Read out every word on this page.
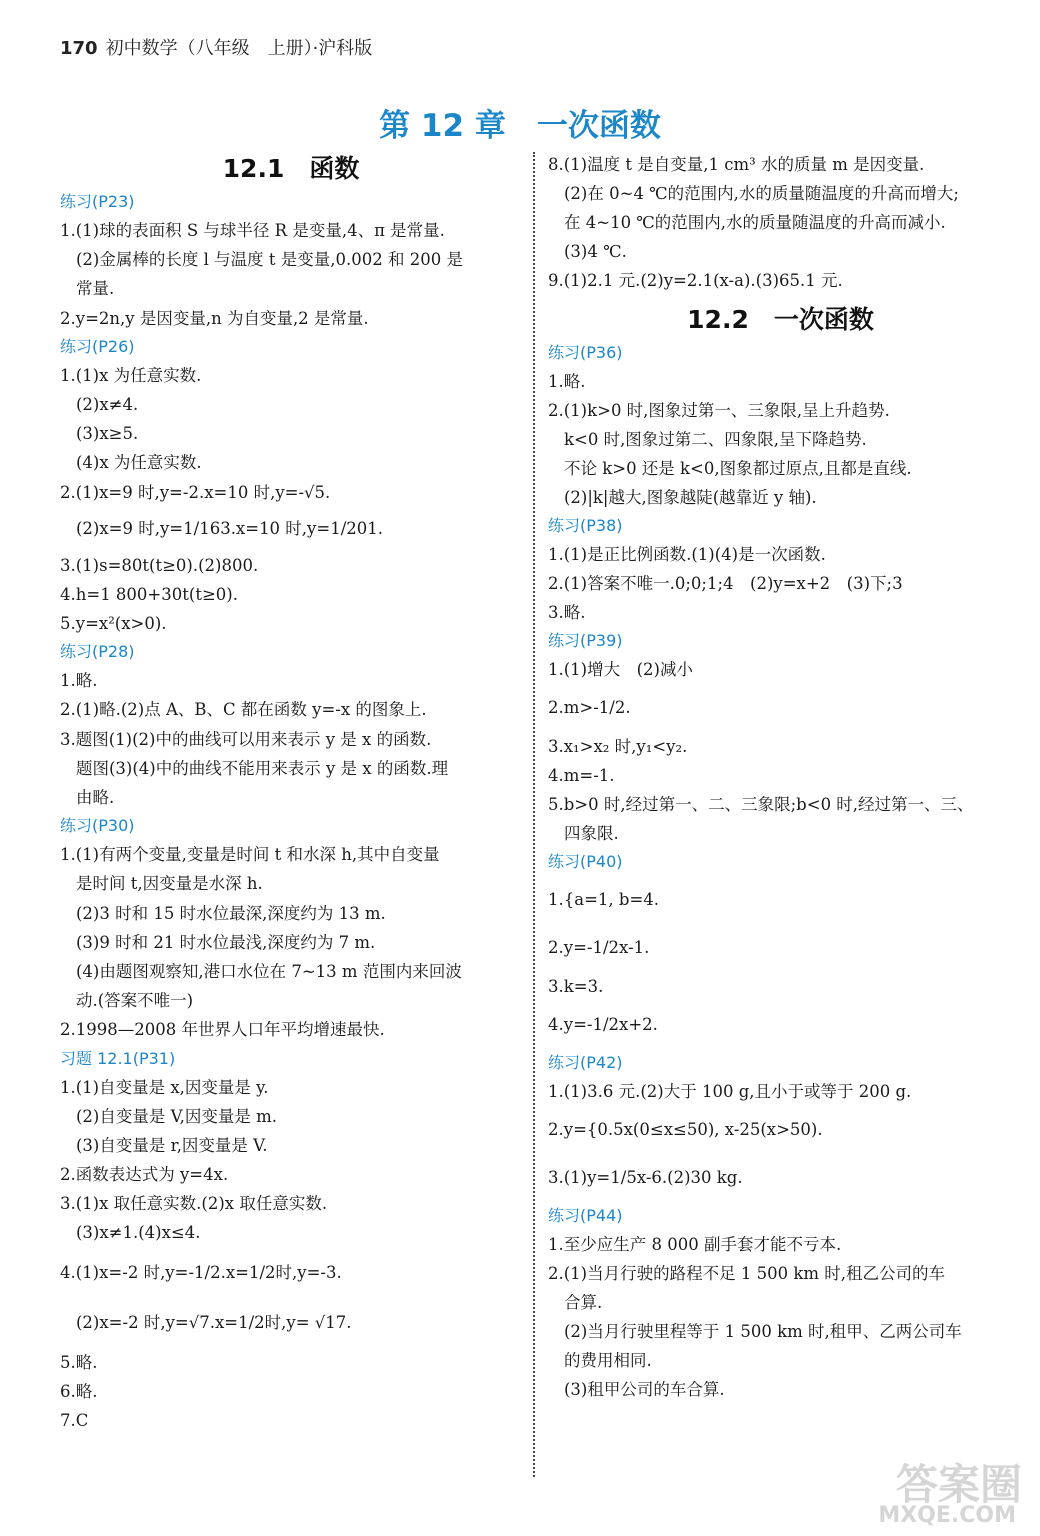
170 初中数学（八年级　上册）·沪科版
第 12 章　一次函数
12.1　函数
练习(P23)
1.(1)球的表面积 S 与球半径 R 是变量,4、π 是常量.
(2)金属棒的长度 l 与温度 t 是变量,0.002 和 200 是
常量.
2.y=2n,y 是因变量,n 为自变量,2 是常量.
练习(P26)
1.(1)x 为任意实数.
(2)x≠4.
(3)x≥5.
(4)x 为任意实数.
2.(1)x=9 时,y=-2.x=10 时,y=-√5.
(2)x=9 时,y=1/163.x=10 时,y=1/201.
3.(1)s=80t(t≥0).(2)800.
4.h=1 800+30t(t≥0).
5.y=x²(x>0).
练习(P28)
1.略.
2.(1)略.(2)点 A、B、C 都在函数 y=-x 的图象上.
3.题图(1)(2)中的曲线可以用来表示 y 是 x 的函数.
题图(3)(4)中的曲线不能用来表示 y 是 x 的函数.理
由略.
练习(P30)
1.(1)有两个变量,变量是时间 t 和水深 h,其中自变量
是时间 t,因变量是水深 h.
(2)3 时和 15 时水位最深,深度约为 13 m.
(3)9 时和 21 时水位最浅,深度约为 7 m.
(4)由题图观察知,港口水位在 7~13 m 范围内来回波
动.(答案不唯一)
2.1998—2008 年世界人口年平均增速最快.
习题 12.1(P31)
1.(1)自变量是 x,因变量是 y.
(2)自变量是 V,因变量是 m.
(3)自变量是 r,因变量是 V.
2.函数表达式为 y=4x.
3.(1)x 取任意实数.(2)x 取任意实数.
(3)x≠1.(4)x≤4.
4.(1)x=-2 时,y=-1/2.x=1/2时,y=-3.
(2)x=-2 时,y=√7.x=1/2时,y= √17.
5.略.
6.略.
7.C
8.(1)温度 t 是自变量,1 cm³ 水的质量 m 是因变量.
(2)在 0~4 ℃的范围内,水的质量随温度的升高而增大;
在 4~10 ℃的范围内,水的质量随温度的升高而减小.
(3)4 ℃.
9.(1)2.1 元.(2)y=2.1(x-a).(3)65.1 元.
12.2　一次函数
练习(P36)
1.略.
2.(1)k>0 时,图象过第一、三象限,呈上升趋势.
k<0 时,图象过第二、四象限,呈下降趋势.
不论 k>0 还是 k<0,图象都过原点,且都是直线.
(2)|k|越大,图象越陡(越靠近 y 轴).
练习(P38)
1.(1)是正比例函数.(1)(4)是一次函数.
2.(1)答案不唯一.0;0;1;4　(2)y=x+2　(3)下;3
3.略.
练习(P39)
1.(1)增大　(2)减小
2.m>-1/2.
3.x₁>x₂ 时,y₁<y₂.
4.m=-1.
5.b>0 时,经过第一、二、三象限;b<0 时,经过第一、三、
四象限.
练习(P40)
1.{a=1, b=4.
2.y=-1/2x-1.
3.k=3.
4.y=-1/2x+2.
练习(P42)
1.(1)3.6 元.(2)大于 100 g,且小于或等于 200 g.
2.y={0.5x(0≤x≤50), x-25(x>50).
3.(1)y=1/5x-6.(2)30 kg.
练习(P44)
1.至少应生产 8 000 副手套才能不亏本.
2.(1)当月行驶的路程不足 1 500 km 时,租乙公司的车
合算.
(2)当月行驶里程等于 1 500 km 时,租甲、乙两公司车
的费用相同.
(3)租甲公司的车合算.
答案圈
MXQE.COM
